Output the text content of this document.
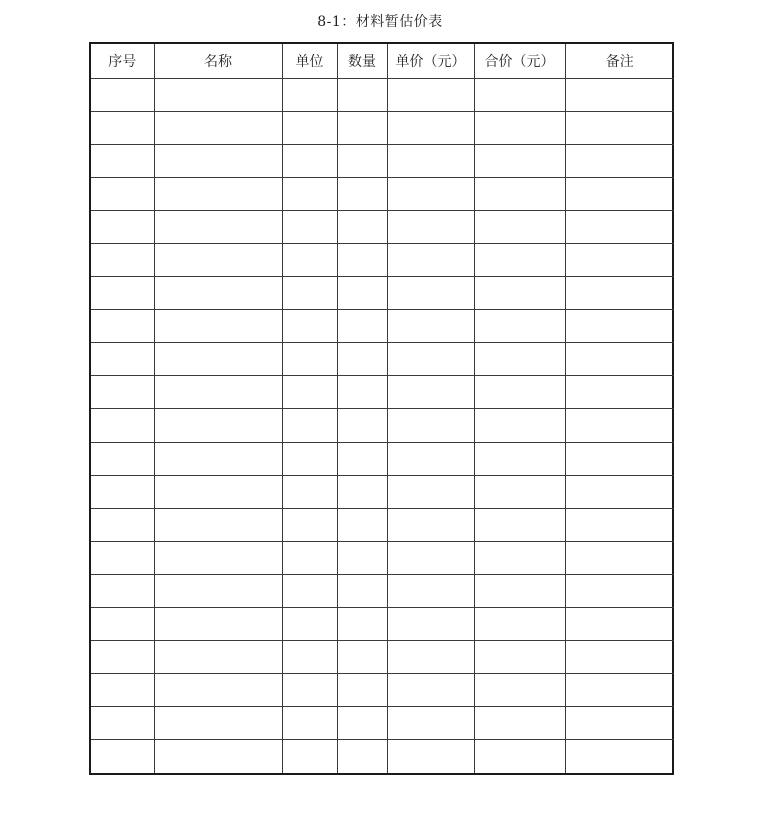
8-1：材料暂估价表
序号	名称	单位	数量	单价（元）	合价（元）	备注
